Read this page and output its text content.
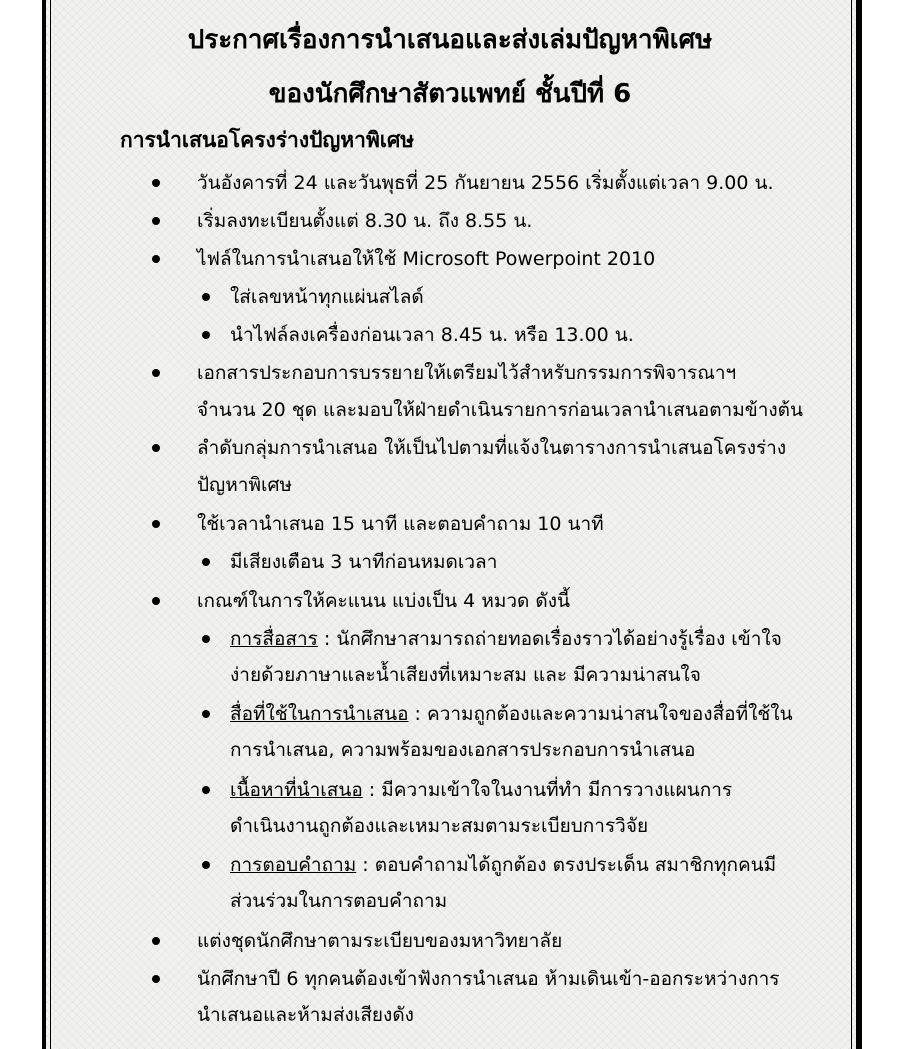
ประกาศเรื่องการนำเสนอและส่งเล่มปัญหาพิเศษ
ของนักศึกษาสัตวแพทย์ ชั้นปีที่ 6
การนำเสนอโครงร่างปัญหาพิเศษ
วันอังคารที่ 24 และวันพุธที่ 25 กันยายน 2556 เริ่มตั้งแต่เวลา 9.00 น.
เริ่มลงทะเบียนตั้งแต่ 8.30 น. ถึง 8.55 น.
ไฟล์ในการนำเสนอให้ใช้ Microsoft Powerpoint 2010
ใส่เลขหน้าทุกแผ่นสไลด์
นำไฟล์ลงเครื่องก่อนเวลา 8.45 น. หรือ 13.00 น.
เอกสารประกอบการบรรยายให้เตรียมไว้สำหรับกรรมการพิจารณาฯ
จำนวน 20 ชุด และมอบให้ฝ่ายดำเนินรายการก่อนเวลานำเสนอตามข้างต้น
ลำดับกลุ่มการนำเสนอ ให้เป็นไปตามที่แจ้งในตารางการนำเสนอโครงร่าง
ปัญหาพิเศษ
ใช้เวลานำเสนอ 15 นาที และตอบคำถาม 10 นาที
มีเสียงเตือน 3 นาทีก่อนหมดเวลา
เกณฑ์ในการให้คะแนน แบ่งเป็น 4 หมวด ดังนี้
การสื่อสาร : นักศึกษาสามารถถ่ายทอดเรื่องราวได้อย่างรู้เรื่อง เข้าใจ
ง่ายด้วยภาษาและน้ำเสียงที่เหมาะสม และ มีความน่าสนใจ
สื่อที่ใช้ในการนำเสนอ : ความถูกต้องและความน่าสนใจของสื่อที่ใช้ใน
การนำเสนอ, ความพร้อมของเอกสารประกอบการนำเสนอ
เนื้อหาที่นำเสนอ : มีความเข้าใจในงานที่ทำ มีการวางแผนการ
ดำเนินงานถูกต้องและเหมาะสมตามระเบียบการวิจัย
การตอบคำถาม : ตอบคำถามได้ถูกต้อง ตรงประเด็น สมาชิกทุกคนมี
ส่วนร่วมในการตอบคำถาม
แต่งชุดนักศึกษาตามระเบียบของมหาวิทยาลัย
นักศึกษาปี 6 ทุกคนต้องเข้าฟังการนำเสนอ ห้ามเดินเข้า-ออกระหว่างการ
นำเสนอและห้ามส่งเสียงดัง
